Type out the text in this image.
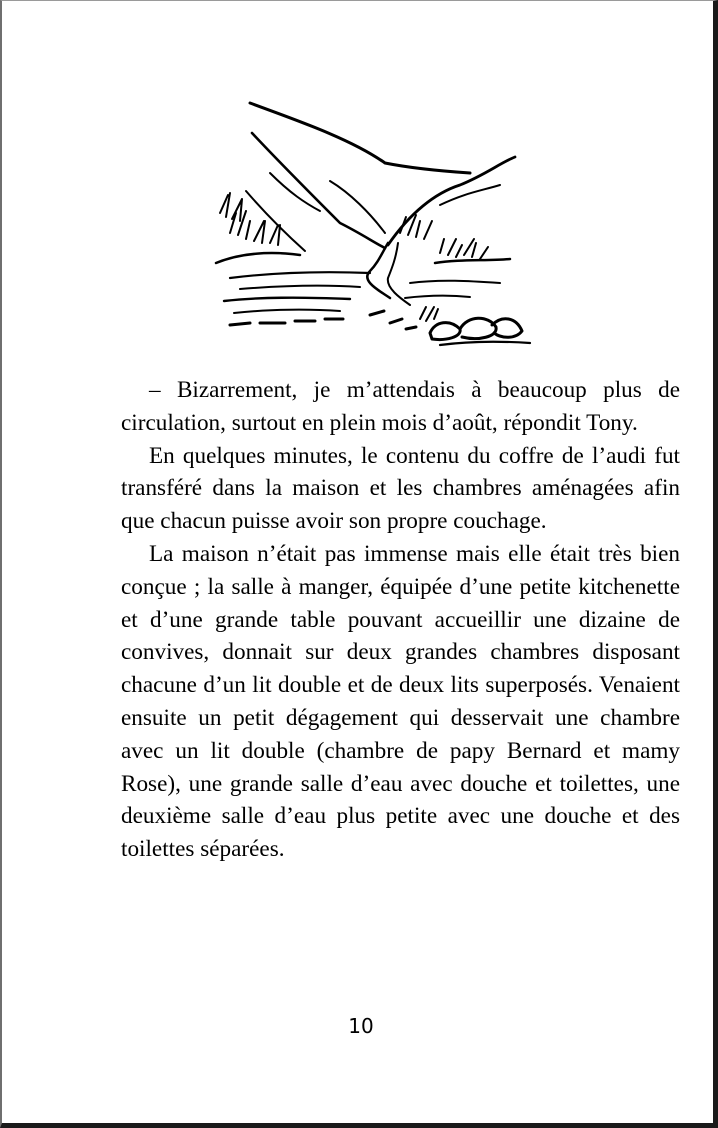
– Bizarrement, je m’attendais à beaucoup plus de circulation, surtout en plein mois d’août, répondit Tony.

En quelques minutes, le contenu du coffre de l’audi fut transféré dans la maison et les chambres aménagées afin que chacun puisse avoir son propre couchage.

La maison n’était pas immense mais elle était très bien conçue ; la salle à manger, équipée d’une petite kitchenette et d’une grande table pouvant accueillir une dizaine de convives, donnait sur deux grandes chambres disposant chacune d’un lit double et de deux lits superposés. Venaient ensuite un petit dégagement qui desservait une chambre avec un lit double (chambre de papy Bernard et mamy Rose), une grande salle d’eau avec douche et toilettes, une deuxième salle d’eau plus petite avec une douche et des toilettes séparées.

10
